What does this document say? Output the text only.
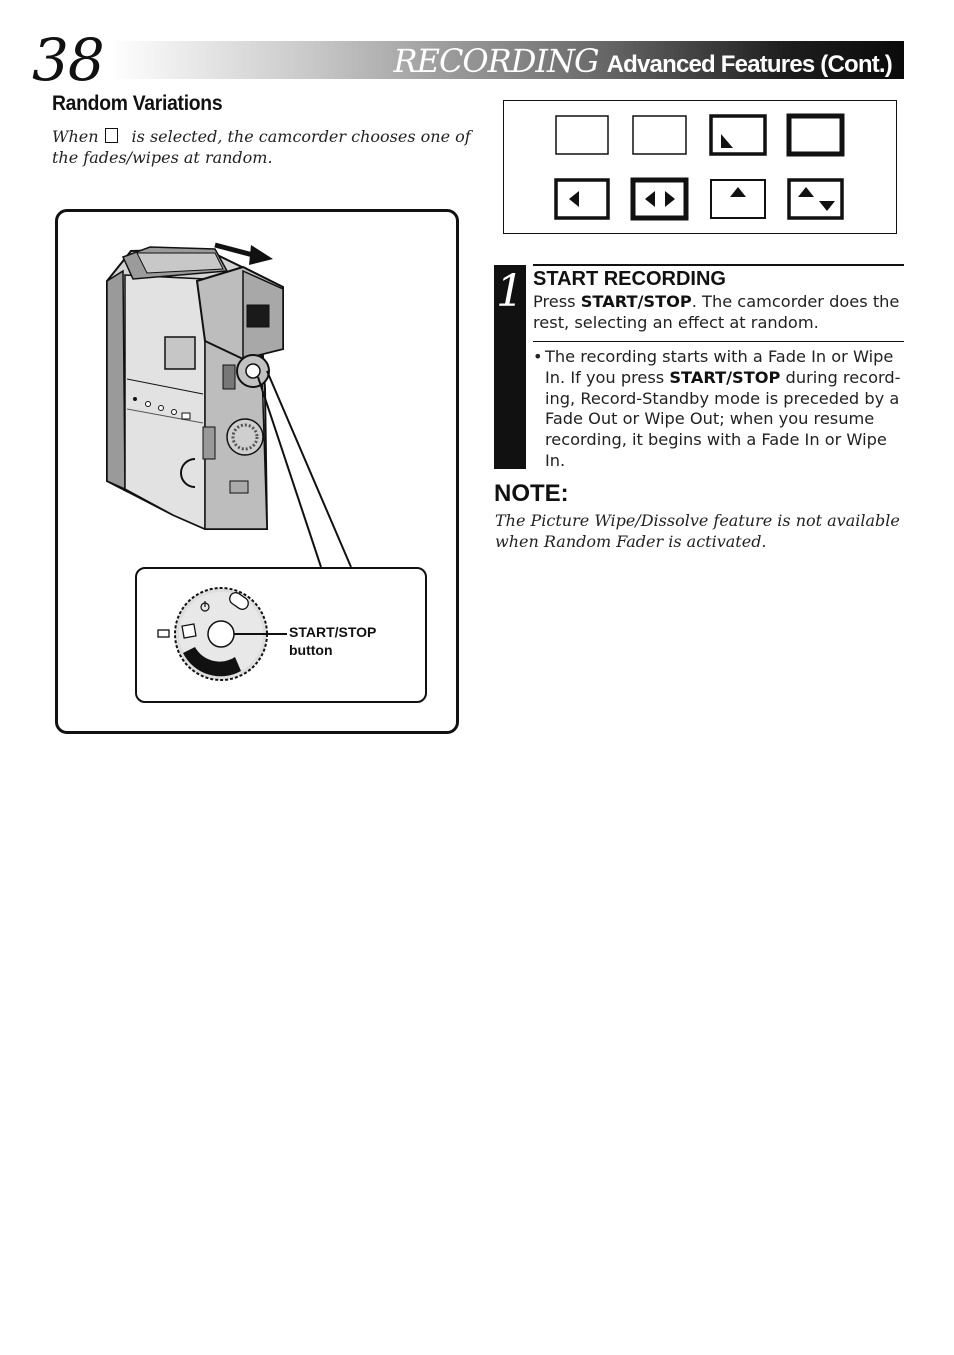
38	RECORDING Advanced Features (Cont.)
Random Variations
When is selected, the camcorder chooses one of the fades/wipes at random.
START/STOP
button
1 START RECORDING
Press START/STOP. The camcorder does the rest, selecting an effect at random.
• The recording starts with a Fade In or Wipe In. If you press START/STOP during record-ing, Record-Standby mode is preceded by a Fade Out or Wipe Out; when you resume recording, it begins with a Fade In or Wipe In.
NOTE:
The Picture Wipe/Dissolve feature is not available when Random Fader is activated.
